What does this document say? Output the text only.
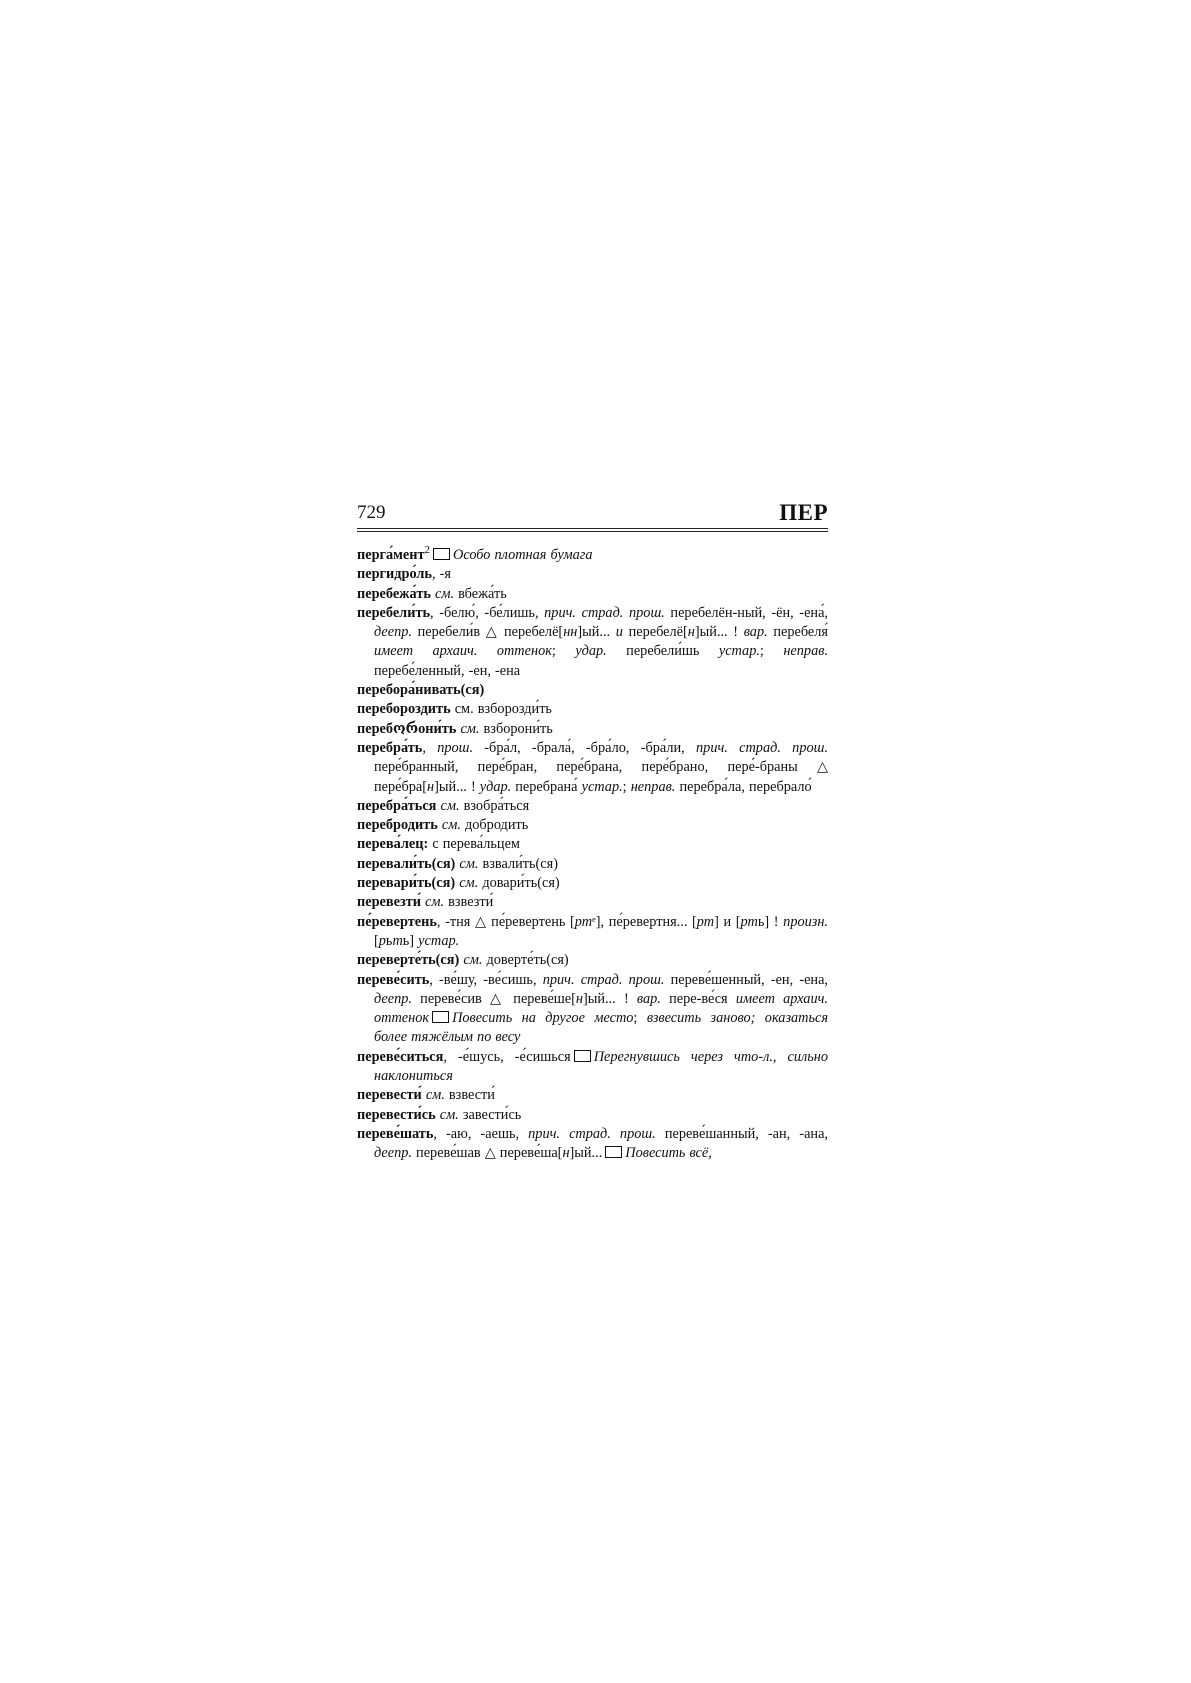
729	ПЕР

перга́мент$^2$ Особо плотная бумага

пергидро́ль, -я

перебежа́ть см. вбежа́ть

перебели́ть, -белю́, -бе́лишь, прич. страд. прош. перебелён-ный, -ён, -ена́, деепр. перебели́в △ перебелё[нн]ый... и перебелё[н]ый... ! вар. перебеля́ имеет архаич. оттенок; удар. перебели́шь устар.; неправ. перебе́ленный, -ен, -ена

перебора́нивать(ся)

перебороздить см. взборозди́ть

перебორони́ть см. взборони́ть

перебра́ть, прош. -бра́л, -брала́, -бра́ло, -бра́ли, прич. страд. прош. пере́бранный, пере́бран, пере́брана, пере́брано, пере́-браны △ пере́бра[н]ый... ! удар. перебрана́ устар.; неправ. перебра́ла, перебрало́

перебра́ться см. взобра́ться

перебродить см. добродить

перева́лец: с перева́льцем

перевали́ть(ся) см. взвали́ть(ся)

перевари́ть(ся) см. довари́ть(ся)

перевезти́ см. взвезти́

пе́ревертень, -тня △ пе́ревертень [ртᵉ], пе́ревертня... [рт] и [рть] ! произн. [рьть] устар.

переверте́ть(ся) см. доверте́ть(ся)

переве́сить, -ве́шу, -ве́сишь, прич. страд. прош. переве́шенный, -ен, -ена, деепр. переве́сив △ переве́ше[н]ый... ! вар. пере-ве́ся имеет архаич. оттенок Повесить на другое место; взвесить заново; оказаться более тяжёлым по весу

переве́ситься, -е́шусь, -е́сишься Перегнувшись через что-л., сильно наклониться

перевести́ см. взвести́

перевести́сь см. завести́сь

переве́шать, -аю, -аешь, прич. страд. прош. переве́шанный, -ан, -ана, деепр. переве́шав △ переве́ша[н]ый... Повесить всё,
